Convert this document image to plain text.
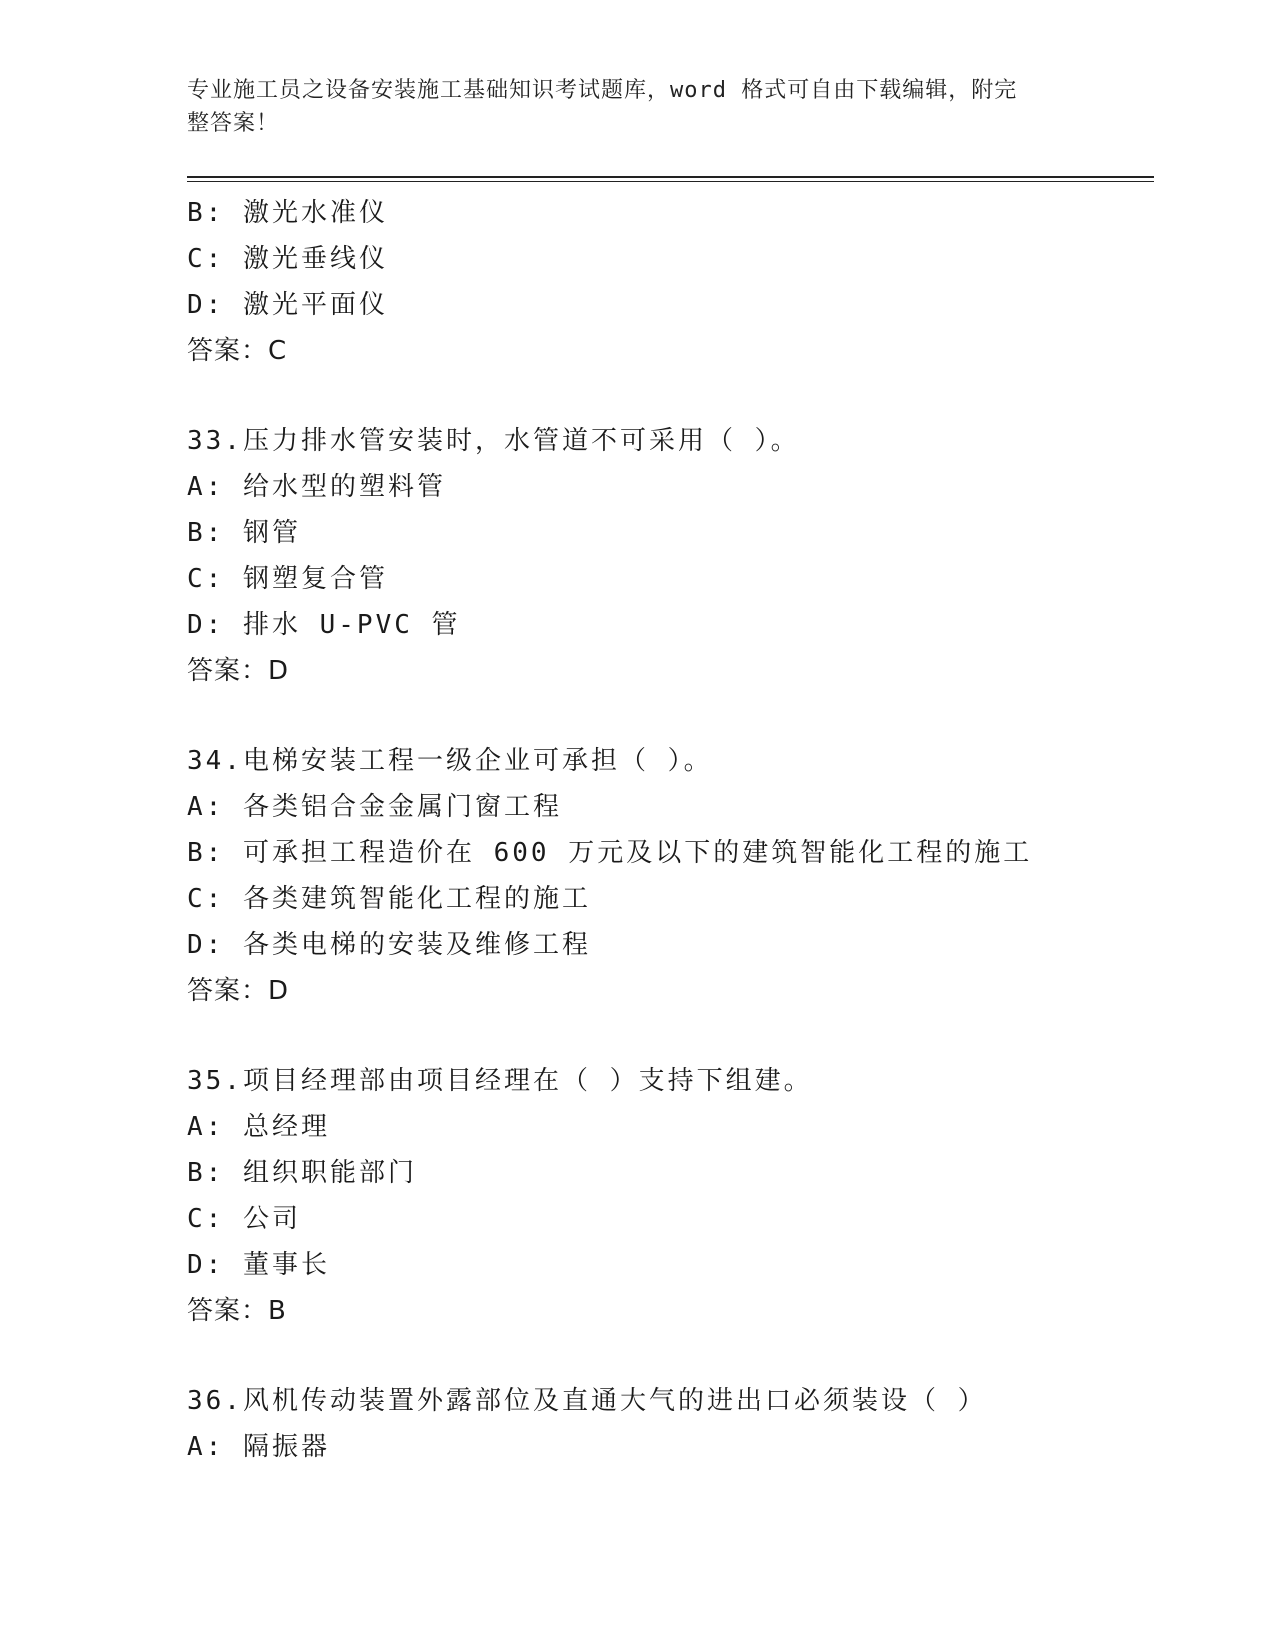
专业施工员之设备安装施工基础知识考试题库，word 格式可自由下载编辑，附完
整答案！
B: 激光水准仪
C: 激光垂线仪
D: 激光平面仪
答案：C
33.压力排水管安装时，水管道不可采用（ ）。
A: 给水型的塑料管
B: 钢管
C: 钢塑复合管
D: 排水 U-PVC 管
答案：D
34.电梯安装工程一级企业可承担（ ）。
A: 各类铝合金金属门窗工程
B: 可承担工程造价在 600 万元及以下的建筑智能化工程的施工
C: 各类建筑智能化工程的施工
D: 各类电梯的安装及维修工程
答案：D
35.项目经理部由项目经理在（ ）支持下组建。
A: 总经理
B: 组织职能部门
C: 公司
D: 董事长
答案：B
36.风机传动装置外露部位及直通大气的进出口必须装设（ ）
A: 隔振器
